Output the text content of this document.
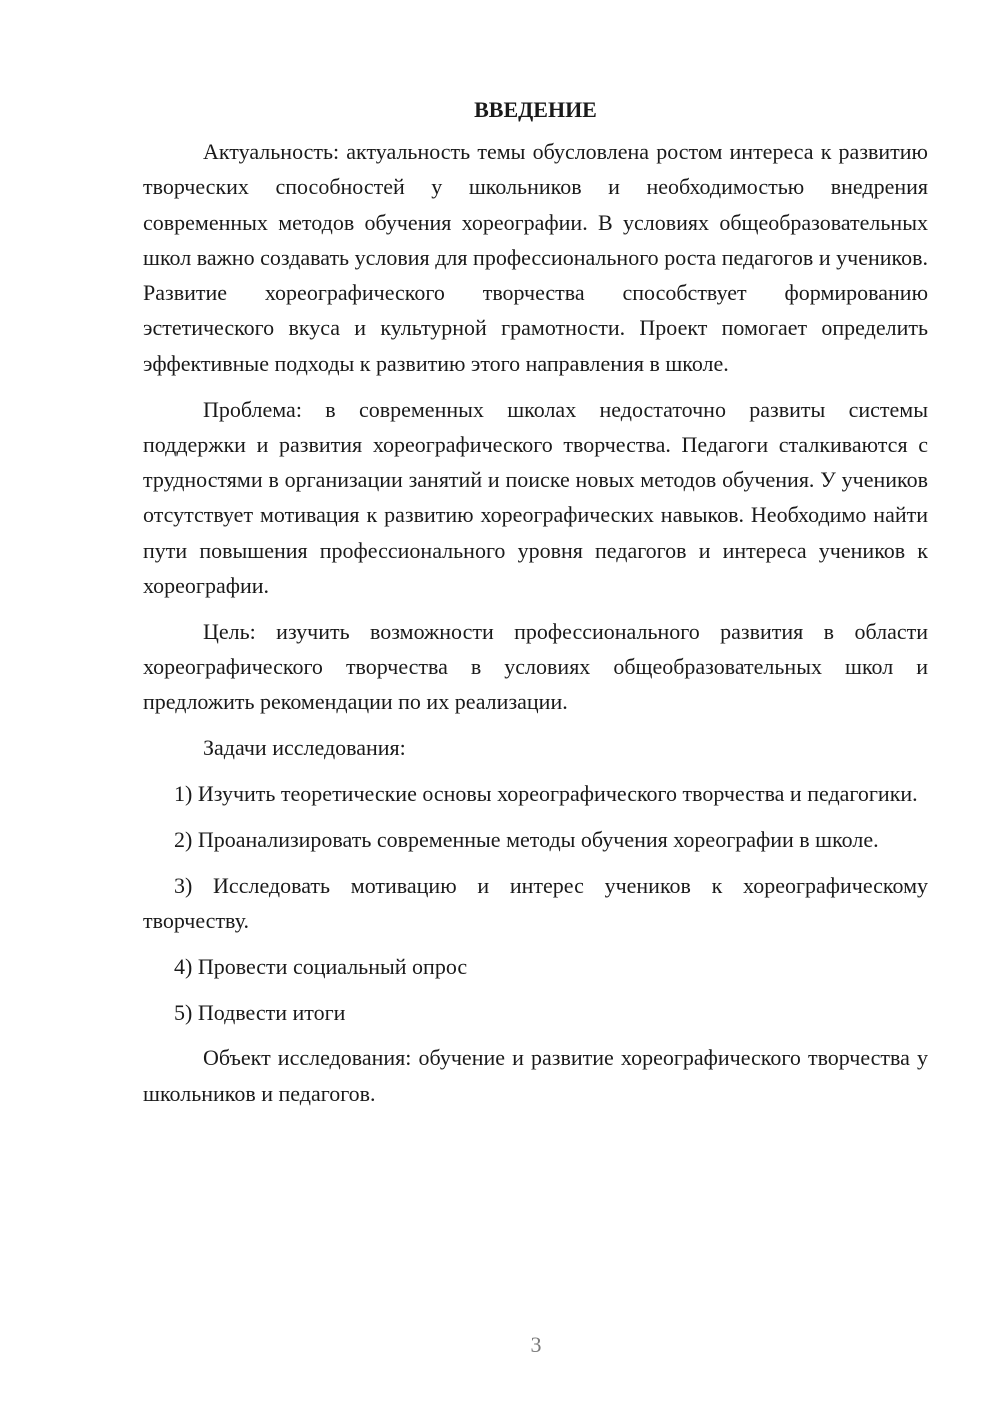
ВВЕДЕНИЕ

Актуальность: актуальность темы обусловлена ростом интереса к развитию творческих способностей у школьников и необходимостью внедрения современных методов обучения хореографии. В условиях общеобразовательных школ важно создавать условия для профессионального роста педагогов и учеников. Развитие хореографического творчества способствует формированию эстетического вкуса и культурной грамотности. Проект помогает определить эффективные подходы к развитию этого направления в школе.

Проблема: в современных школах недостаточно развиты системы поддержки и развития хореографического творчества. Педагоги сталкиваются с трудностями в организации занятий и поиске новых методов обучения. У учеников отсутствует мотивация к развитию хореографических навыков. Необходимо найти пути повышения профессионального уровня педагогов и интереса учеников к хореографии.

Цель: изучить возможности профессионального развития в области хореографического творчества в условиях общеобразовательных школ и предложить рекомендации по их реализации.

Задачи исследования:

1) Изучить теоретические основы хореографического творчества и педагогики.

2) Проанализировать современные методы обучения хореографии в школе.

3) Исследовать мотивацию и интерес учеников к хореографическому творчеству.

4) Провести социальный опрос

5) Подвести итоги

Объект исследования: обучение и развитие хореографического творчества у школьников и педагогов.

3
